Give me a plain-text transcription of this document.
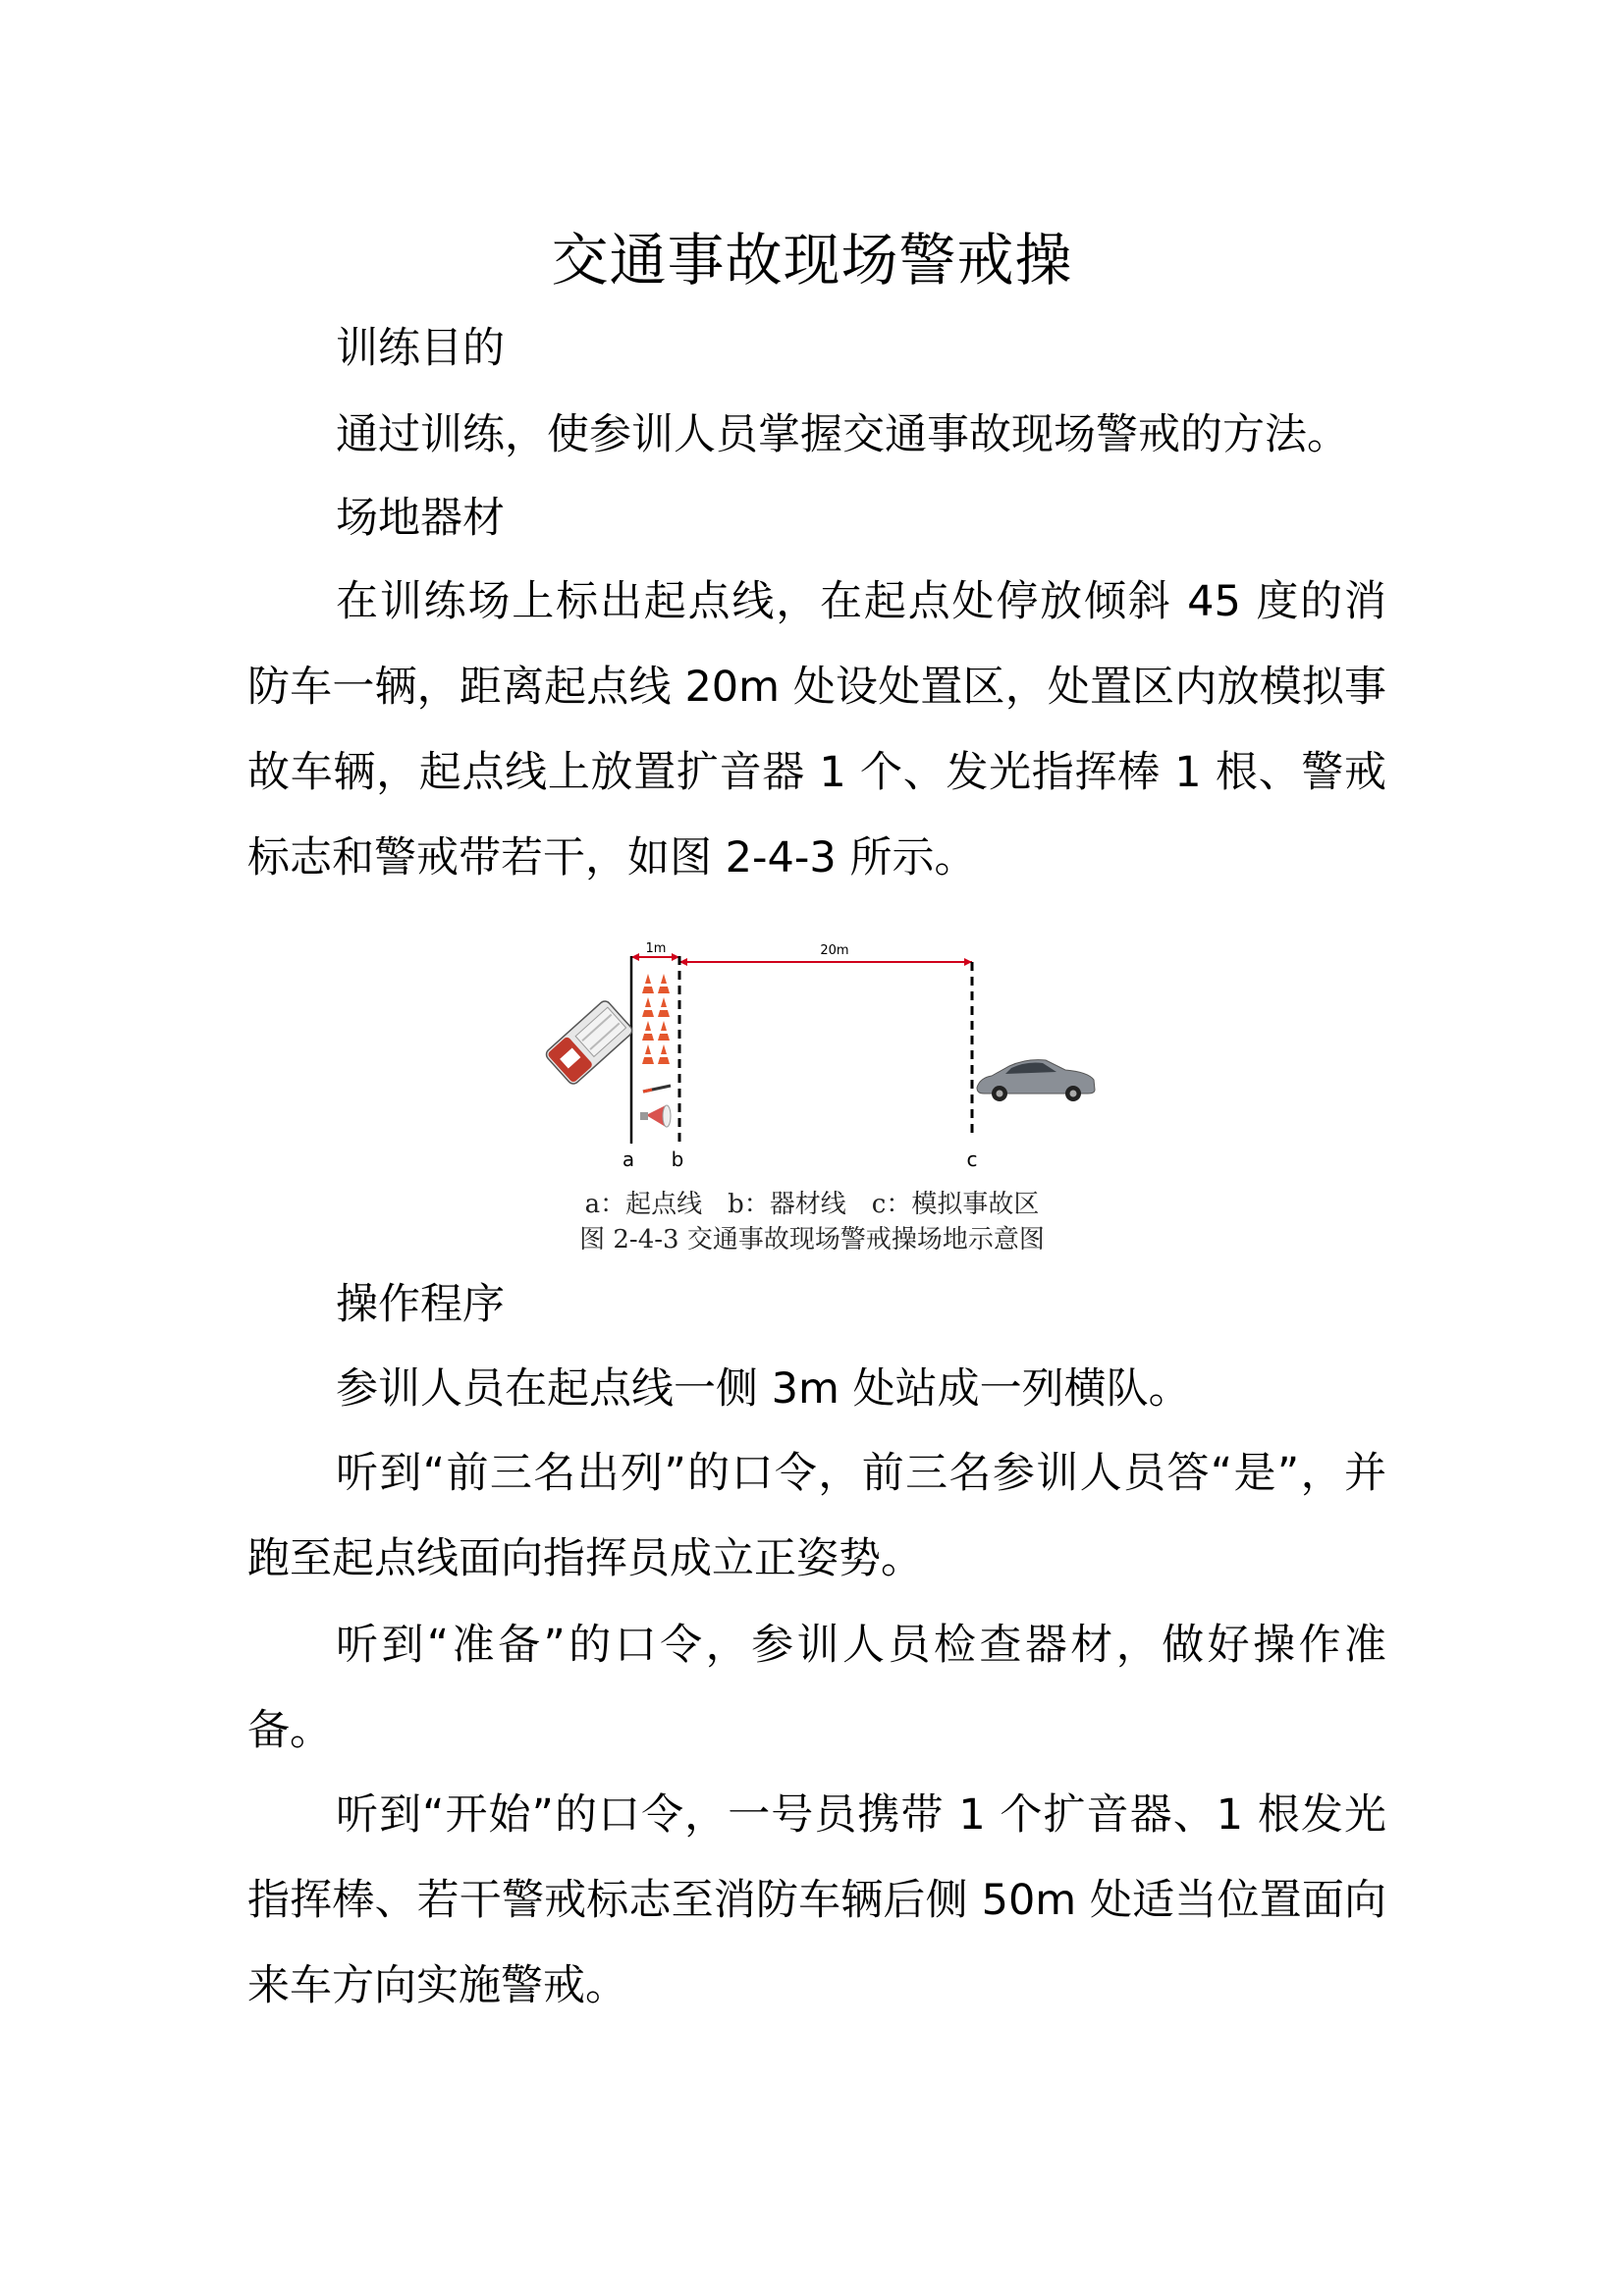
交通事故现场警戒操

训练目的

通过训练，使参训人员掌握交通事故现场警戒的方法。

场地器材

在训练场上标出起点线，在起点处停放倾斜 45 度的消防车一辆，距离起点线 20m 处设处置区，处置区内放模拟事故车辆，起点线上放置扩音器 1 个、发光指挥棒 1 根、警戒标志和警戒带若干，如图 2-4-3 所示。

1m	20m
a b	c
a：起点线　b：器材线　c：模拟事故区
图 2-4-3 交通事故现场警戒操场地示意图

操作程序

参训人员在起点线一侧 3m 处站成一列横队。

听到“前三名出列”的口令，前三名参训人员答“是”，并跑至起点线面向指挥员成立正姿势。

听到“准备”的口令，参训人员检查器材，做好操作准备。

听到“开始”的口令，一号员携带 1 个扩音器、1 根发光指挥棒、若干警戒标志至消防车辆后侧 50m 处适当位置面向来车方向实施警戒。
